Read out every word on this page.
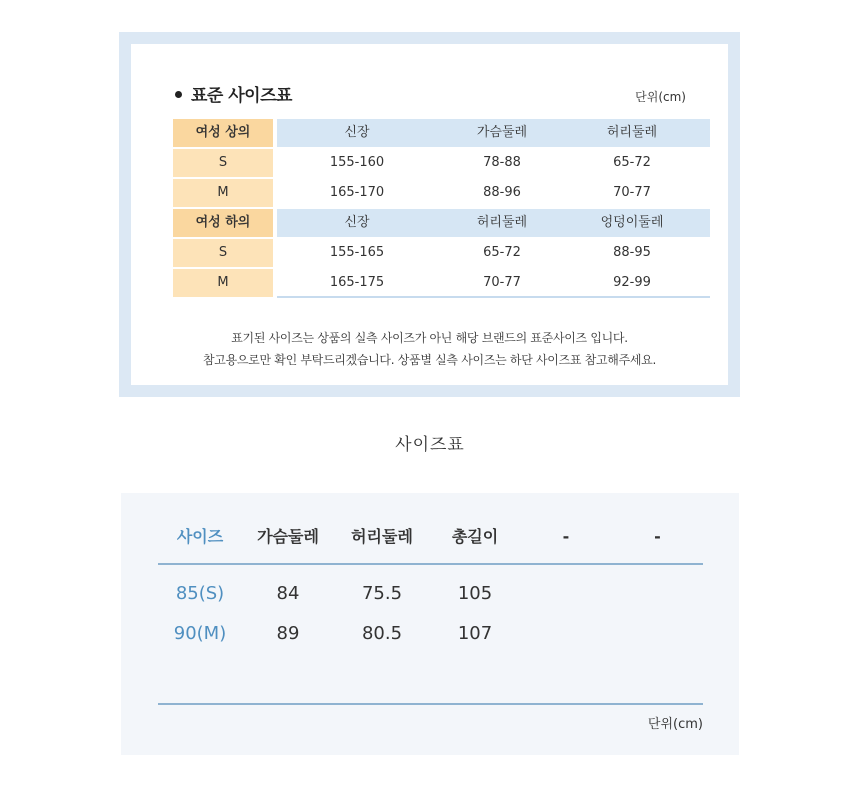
표준 사이즈표	단위(cm)
여성 상의	신장	가슴둘레	허리둘레
S	155-160	78-88	65-72
M	165-170	88-96	70-77
여성 하의	신장	허리둘레	엉덩이둘레
S	155-165	65-72	88-95
M	165-175	70-77	92-99
표기된 사이즈는 상품의 실측 사이즈가 아닌 해당 브랜드의 표준사이즈 입니다.
참고용으로만 확인 부탁드리겠습니다. 상품별 실측 사이즈는 하단 사이즈표 참고해주세요.
사이즈표
사이즈	가슴둘레	허리둘레	총길이	-	-
85(S)	84	75.5	105
90(M)	89	80.5	107
단위(cm)
